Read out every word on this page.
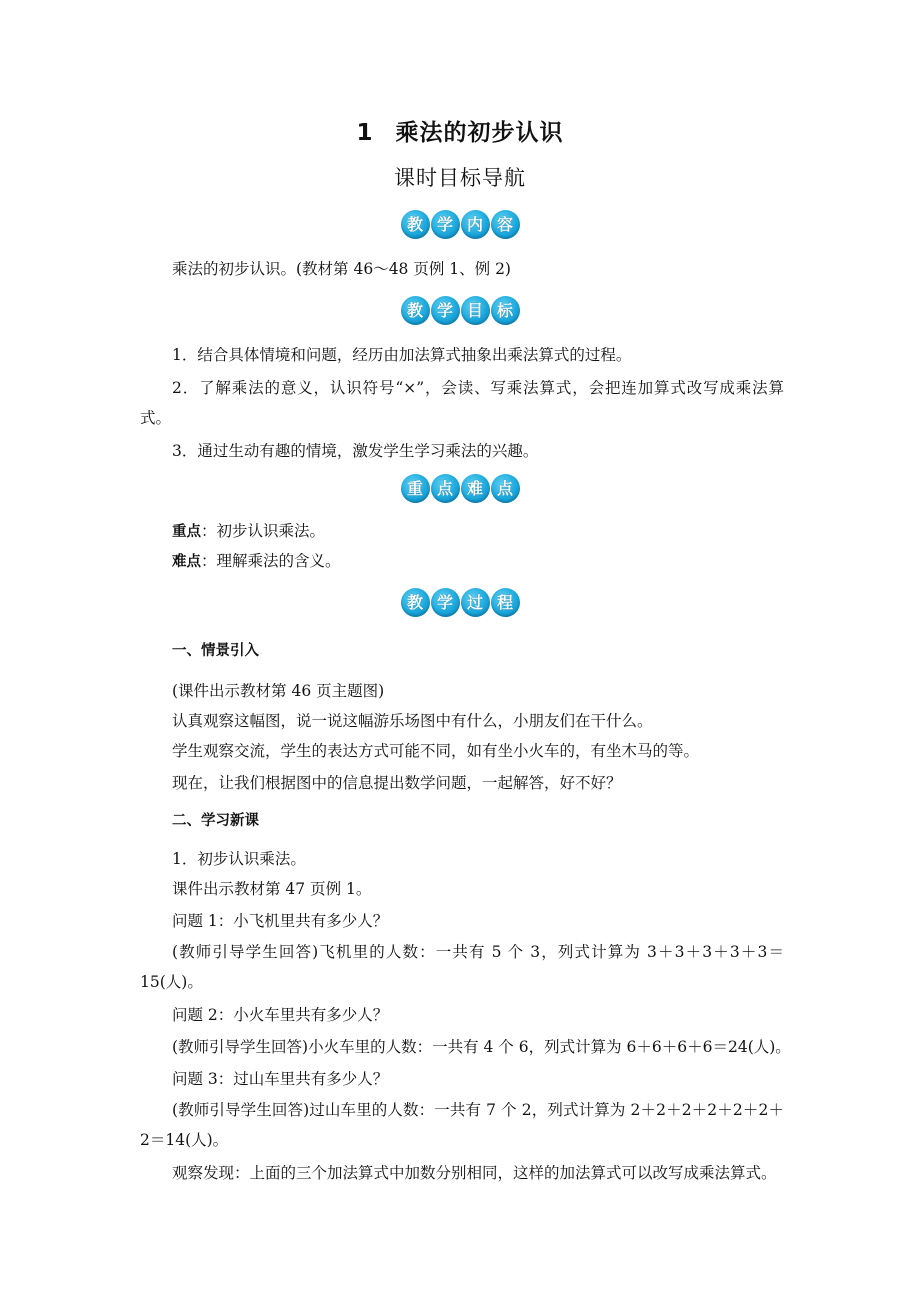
1 乘法的初步认识
课时目标导航
教 学 内 容
乘法的初步认识。(教材第 46～48 页例 1、例 2)
教 学 目 标
1．结合具体情境和问题，经历由加法算式抽象出乘法算式的过程。
2．了解乘法的意义，认识符号“×”，会读、写乘法算式，会把连加算式改写成乘法算式。
3．通过生动有趣的情境，激发学生学习乘法的兴趣。
重 点 难 点
重点：初步认识乘法。
难点：理解乘法的含义。
教 学 过 程
一、情景引入
(课件出示教材第 46 页主题图)
认真观察这幅图，说一说这幅游乐场图中有什么，小朋友们在干什么。
学生观察交流，学生的表达方式可能不同，如有坐小火车的，有坐木马的等。
现在，让我们根据图中的信息提出数学问题，一起解答，好不好？
二、学习新课
1．初步认识乘法。
课件出示教材第 47 页例 1。
问题 1：小飞机里共有多少人？
(教师引导学生回答)飞机里的人数：一共有 5 个 3，列式计算为 3＋3＋3＋3＋3＝15(人)。
问题 2：小火车里共有多少人？
(教师引导学生回答)小火车里的人数：一共有 4 个 6，列式计算为 6＋6＋6＋6＝24(人)。
问题 3：过山车里共有多少人？
(教师引导学生回答)过山车里的人数：一共有 7 个 2，列式计算为 2＋2＋2＋2＋2＋2＋2＝14(人)。
观察发现：上面的三个加法算式中加数分别相同，这样的加法算式可以改写成乘法算式。
